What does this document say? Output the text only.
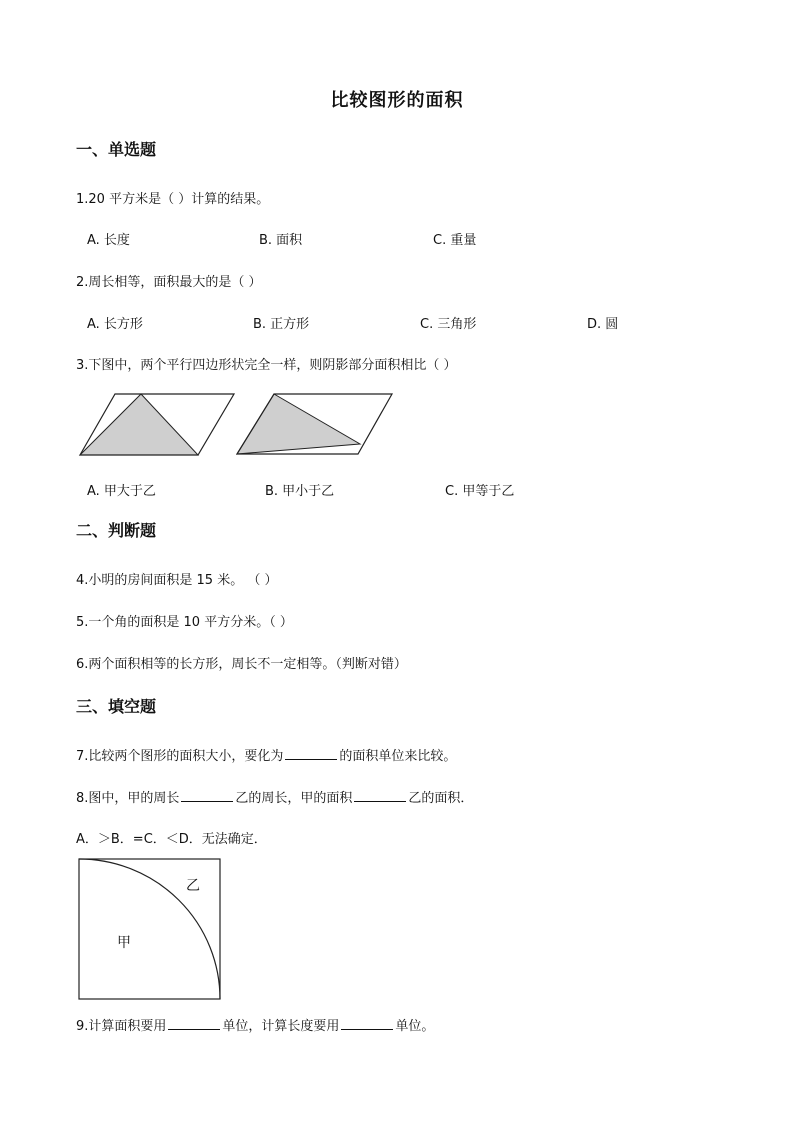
比较图形的面积
一、单选题
1.20 平方米是（ ）计算的结果。
A. 长度	B. 面积	C. 重量
2.周长相等，面积最大的是（ ）
A. 长方形	B. 正方形	C. 三角形	D. 圆
3.下图中，两个平行四边形状完全一样，则阴影部分面积相比（ ）
A. 甲大于乙	B. 甲小于乙	C. 甲等于乙
二、判断题
4.小明的房间面积是 15 米。 （ ）
5.一个角的面积是 10 平方分米。（ ）
6.两个面积相等的长方形，周长不一定相等。（判断对错）
三、填空题
7.比较两个图形的面积大小，要化为	的面积单位来比较。
8.图中，甲的周长	乙的周长，甲的面积	乙的面积．
A．＞B．=C．＜D．无法确定．
乙
甲
9.计算面积要用	单位，计算长度要用	单位。
